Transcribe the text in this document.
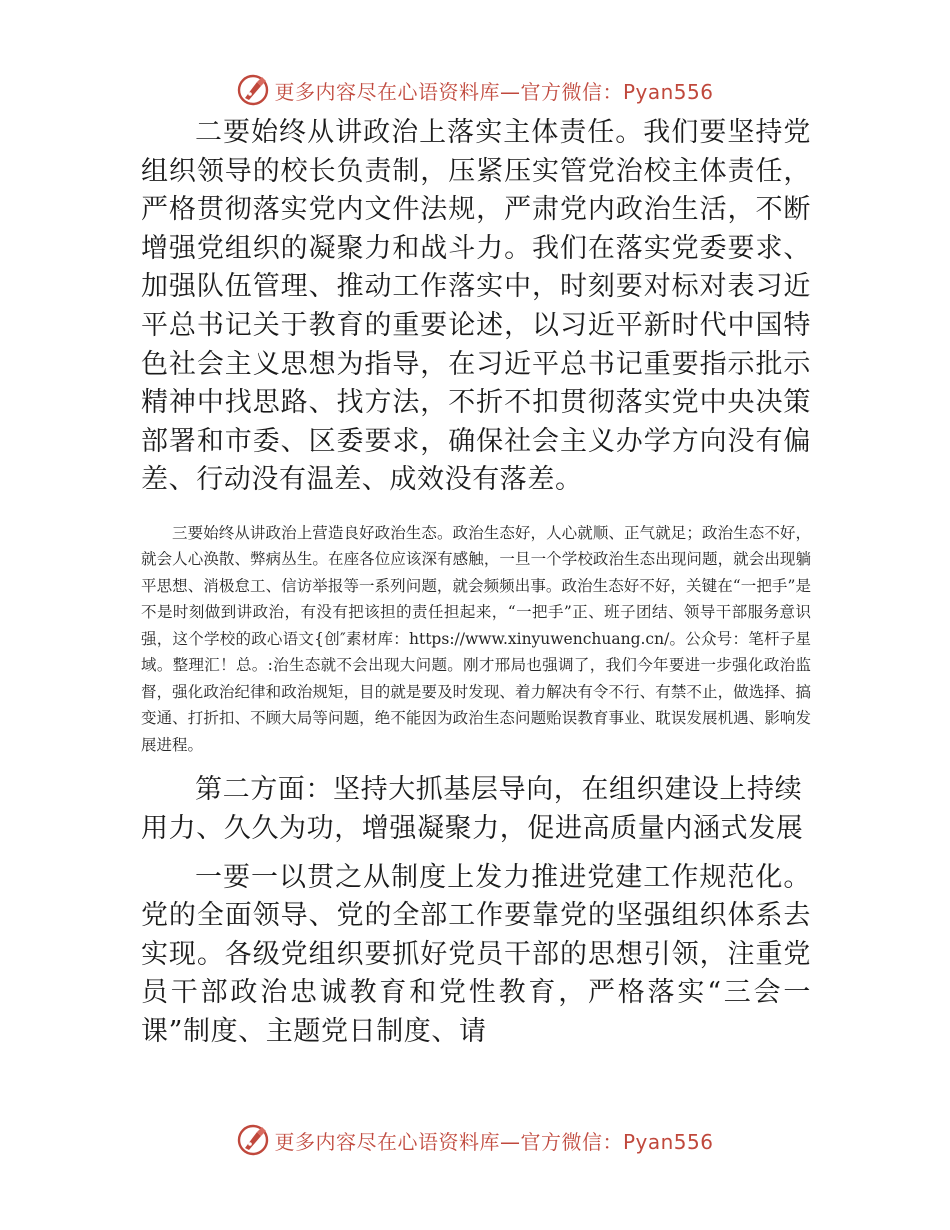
更多内容尽在心语资料库—官方微信：Pyan556

二要始终从讲政治上落实主体责任。我们要坚持党组织领导的校长负责制，压紧压实管党治校主体责任，严格贯彻落实党内文件法规，严肃党内政治生活，不断增强党组织的凝聚力和战斗力。我们在落实党委要求、加强队伍管理、推动工作落实中，时刻要对标对表习近平总书记关于教育的重要论述，以习近平新时代中国特色社会主义思想为指导，在习近平总书记重要指示批示精神中找思路、找方法，不折不扣贯彻落实党中央决策部署和市委、区委要求，确保社会主义办学方向没有偏差、行动没有温差、成效没有落差。

三要始终从讲政治上营造良好政治生态。政治生态好，人心就顺、正气就足；政治生态不好，就会人心涣散、弊病丛生。在座各位应该深有感触，一旦一个学校政治生态出现问题，就会出现躺平思想、消极怠工、信访举报等一系列问题，就会频频出事。政治生态好不好，关键在“一把手”是不是时刻做到讲政治，有没有把该担的责任担起来，“一把手”正、班子团结、领导干部服务意识强，这个学校的政心语文{创″素材库：https://www.xinyuwenchuang.cn/。公众号：笔杆子星域。整理汇！总。:治生态就不会出现大问题。刚才邢局也强调了，我们今年要进一步强化政治监督，强化政治纪律和政治规矩，目的就是要及时发现、着力解决有令不行、有禁不止，做选择、搞变通、打折扣、不顾大局等问题，绝不能因为政治生态问题贻误教育事业、耽误发展机遇、影响发展进程。

第二方面：坚持大抓基层导向，在组织建设上持续用力、久久为功，增强凝聚力，促进高质量内涵式发展

一要一以贯之从制度上发力推进党建工作规范化。党的全面领导、党的全部工作要靠党的坚强组织体系去实现。各级党组织要抓好党员干部的思想引领，注重党员干部政治忠诚教育和党性教育，严格落实“三会一课”制度、主题党日制度、请

更多内容尽在心语资料库—官方微信：Pyan556
